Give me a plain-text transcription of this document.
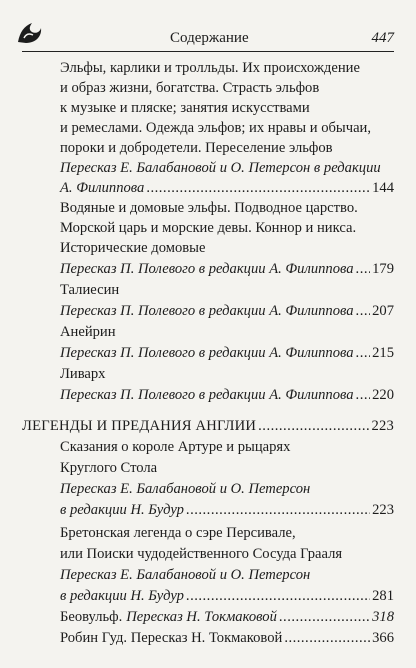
Содержание	447
Эльфы, карлики и тролльды. Их происхождение
и образ жизни, богатства. Страсть эльфов
к музыке и пляске; занятия искусствами
и ремеслами. Одежда эльфов; их нравы и обычаи,
пороки и добродетели. Переселение эльфов
Пересказ Е. Балабановой и О. Петерсон в редакции
А. Филиппова .....	144
Водяные и домовые эльфы. Подводное царство.
Морской царь и морские девы. Коннор и никса.
Исторические домовые
Пересказ П. Полевого в редакции А. Филиппова ..... 179
Талиесин
Пересказ П. Полевого в редакции А. Филиппова ..... 207
Анейрин
Пересказ П. Полевого в редакции А. Филиппова ..... 215
Ливарх
Пересказ П. Полевого в редакции А. Филиппова ..... 220
ЛЕГЕНДЫ И ПРЕДАНИЯ АНГЛИИ .....	223
Сказания о короле Артуре и рыцарях
Круглого Стола
Пересказ Е. Балабановой и О. Петерсон
в редакции Н. Будур .....	223
Бретонская легенда о сэре Персивале,
или Поиски чудодейственного Сосуда Грааля
Пересказ Е. Балабановой и О. Петерсон
в редакции Н. Будур .....	281
Беовульф. Пересказ Н. Токмаковой .....	318
Робин Гуд. Пересказ Н. Токмаковой .....	366
